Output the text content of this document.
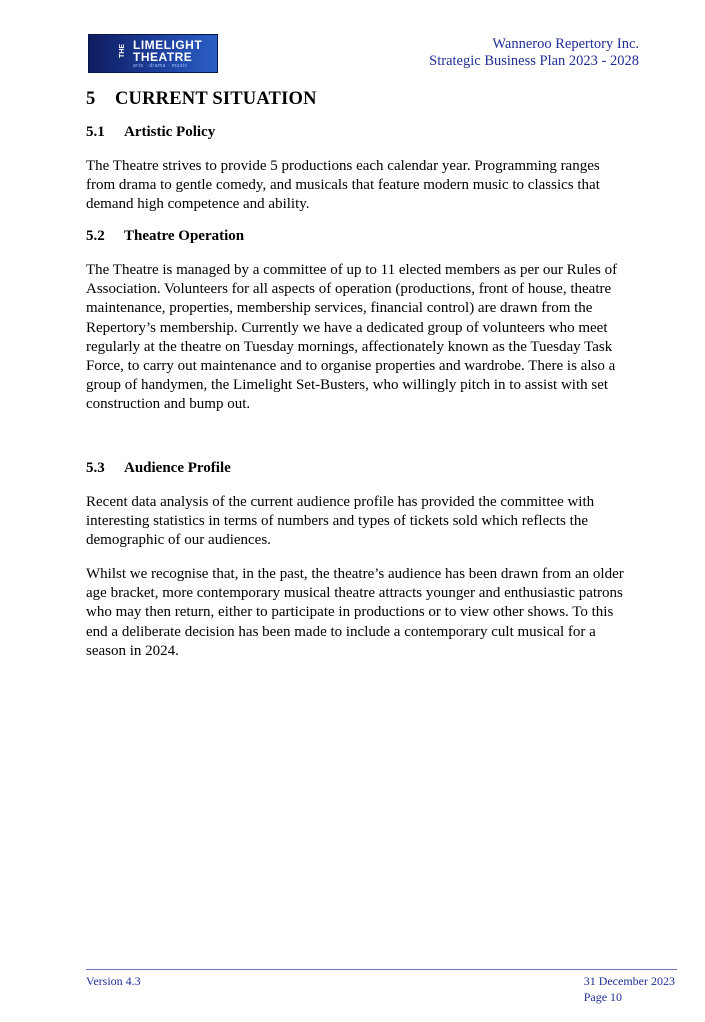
THE LIMELIGHT
THEATRE
arts · drama · music
Wanneroo Repertory Inc.
Strategic Business Plan 2023 - 2028
5 CURRENT SITUATION
5.1 Artistic Policy

The Theatre strives to provide 5 productions each calendar year. Programming ranges from drama to gentle comedy, and musicals that feature modern music to classics that demand high competence and ability.

5.2 Theatre Operation

The Theatre is managed by a committee of up to 11 elected members as per our Rules of Association. Volunteers for all aspects of operation (productions, front of house, theatre maintenance, properties, membership services, financial control) are drawn from the Repertory’s membership. Currently we have a dedicated group of volunteers who meet regularly at the theatre on Tuesday mornings, affectionately known as the Tuesday Task Force, to carry out maintenance and to organise properties and wardrobe. There is also a group of handymen, the Limelight Set-Busters, who willingly pitch in to assist with set construction and bump out.

5.3 Audience Profile

Recent data analysis of the current audience profile has provided the committee with interesting statistics in terms of numbers and types of tickets sold which reflects the demographic of our audiences.

Whilst we recognise that, in the past, the theatre’s audience has been drawn from an older age bracket, more contemporary musical theatre attracts younger and enthusiastic patrons who may then return, either to participate in productions or to view other shows. To this end a deliberate decision has been made to include a contemporary cult musical for a season in 2024.

Version 4.3	31 December 2023
Page 10
